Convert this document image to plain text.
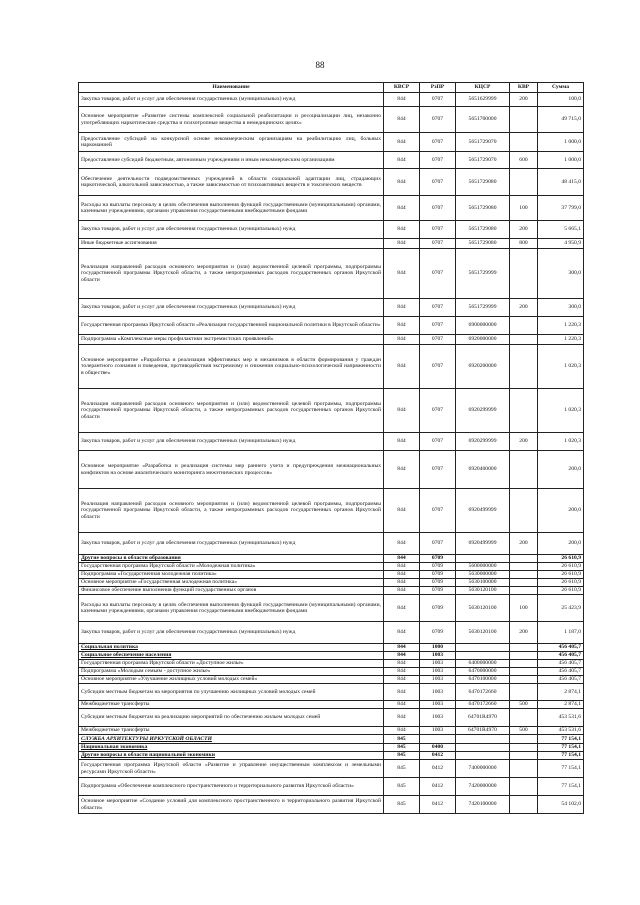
88
Наименование	КВСР	РзПР	КЦСР	КВР	Сумма
Закупка товаров, работ и услуг для обеспечения государственных (муниципальных) нужд	844	0707	5651629999	200	100,0
Основное мероприятие «Развитие системы комплексной социальной реабилитации и ресоциализации лиц, незаконно употребляющих наркотические средства и психотропные вещества в немедицинских целях»	844	0707	5651700000		49 715,0
Предоставление субсидий на конкурсной основе некоммерческим организациям на реабилитацию лиц, больных наркоманией	844	0707	5651729070		1 000,0
Предоставление субсидий бюджетным, автономным учреждениям и иным некоммерческим организациям	844	0707	5651729070	600	1 000,0
Обеспечение деятельности подведомственных учреждений в области социальной адаптации лиц, страдающих наркотической, алкогольной зависимостью, а также зависимостью от психоактивных веществ и токсических веществ	844	0707	5651729080		48 415,0
Расходы на выплаты персоналу в целях обеспечения выполнения функций государственными (муниципальными) органами, казенными учреждениями, органами управления государственными внебюджетными фондами	844	0707	5651729080	100	37 799,0
Закупка товаров, работ и услуг для обеспечения государственных (муниципальных) нужд	844	0707	5651729080	200	5 665,1
Иные бюджетные ассигнования	844	0707	5651729080	800	4 950,9
Реализация направлений расходов основного мероприятия и (или) ведомственной целевой программы, подпрограммы государственной программы Иркутской области, а также непрограммных расходов государственных органов Иркутской области	844	0707	5651729999		300,0
Закупка товаров, работ и услуг для обеспечения государственных (муниципальных) нужд	844	0707	5651729999	200	300,0
Государственная программа Иркутской области «Реализация государственной национальной политики в Иркутской области»	844	0707	6900000000		1 220,3
Подпрограмма «Комплексные меры профилактики экстремистских проявлений»	844	0707	6920000000		1 220,3
Основное мероприятие «Разработка и реализация эффективных мер и механизмов в области формирования у граждан толерантного сознания и поведения, противодействия экстремизму и снижения социально-психологической напряженности в обществе»	844	0707	6920200000		1 020,3
Реализация направлений расходов основного мероприятия и (или) ведомственной целевой программы, подпрограммы государственной программы Иркутской области, а также непрограммных расходов государственных органов Иркутской области	844	0707	6920299999		1 020,3
Закупка товаров, работ и услуг для обеспечения государственных (муниципальных) нужд	844	0707	6920299999	200	1 020,3
Основное мероприятие «Разработка и реализация системы мер раннего учета и предупреждения межнациональных конфликтов на основе аналитического мониторинга межэтнических процессов»	844	0707	6920400000		200,0
Реализация направлений расходов основного мероприятия и (или) ведомственной целевой программы, подпрограммы государственной программы Иркутской области, а также непрограммных расходов государственных органов Иркутской области	844	0707	6920499999		200,0
Закупка товаров, работ и услуг для обеспечения государственных (муниципальных) нужд	844	0707	6920499999	200	200,0
Другие вопросы в области образования	844	0709			26 610,9
Государственная программа Иркутской области «Молодежная политика»	844	0709	5600000000		26 610,9
Подпрограмма «Государственная молодежная политика»	844	0709	5630000000		26 610,9
Основное мероприятие «Государственная молодежная политика»	844	0709	5630100000		26 610,9
Финансовое обеспечение выполнения функций государственных органов	844	0709	5630120100		26 610,9
Расходы на выплаты персоналу в целях обеспечения выполнения функций государственными (муниципальными) органами, казенными учреждениями, органами управления государственными внебюджетными фондами	844	0709	5630120100	100	25 423,9
Закупка товаров, работ и услуг для обеспечения государственных (муниципальных) нужд	844	0709	5630120100	200	1 187,0
Социальная политика	844	1000			456 405,7
Социальное обеспечение населения	844	1003			456 405,7
Государственная программа Иркутской области «Доступное жилье»	844	1003	6400000000		456 405,7
Подпрограмма «Молодым семьям - доступное жилье»	844	1003	6470000000		456 405,7
Основное мероприятие «Улучшение жилищных условий молодых семей»	844	1003	6470100000		456 405,7
Субсидии местным бюджетам на мероприятия по улучшению жилищных условий молодых семей	844	1003	6470172660		2 874,1
Межбюджетные трансферты	844	1003	6470172660	500	2 874,1
Субсидии местным бюджетам на реализацию мероприятий по обеспечению жильем молодых семей	844	1003	64701R4970		453 531,6
Межбюджетные трансферты	844	1003	64701R4970	500	453 531,6
СЛУЖБА АРХИТЕКТУРЫ ИРКУТСКОЙ ОБЛАСТИ	845				77 154,1
Национальная экономика	845	0400			77 154,1
Другие вопросы в области национальной экономики	845	0412			77 154,1
Государственная программа Иркутской области «Развитие и управление имущественным комплексом и земельными ресурсами Иркутской области»	845	0412	7400000000		77 154,1
Подпрограмма «Обеспечение комплексного пространственного и территориального развития Иркутской области»	845	0412	7420000000		77 154,1
Основное мероприятие «Создание условий для комплексного пространственного и территориального развития Иркутской области»	845	0412	7420100000		54 102,0
